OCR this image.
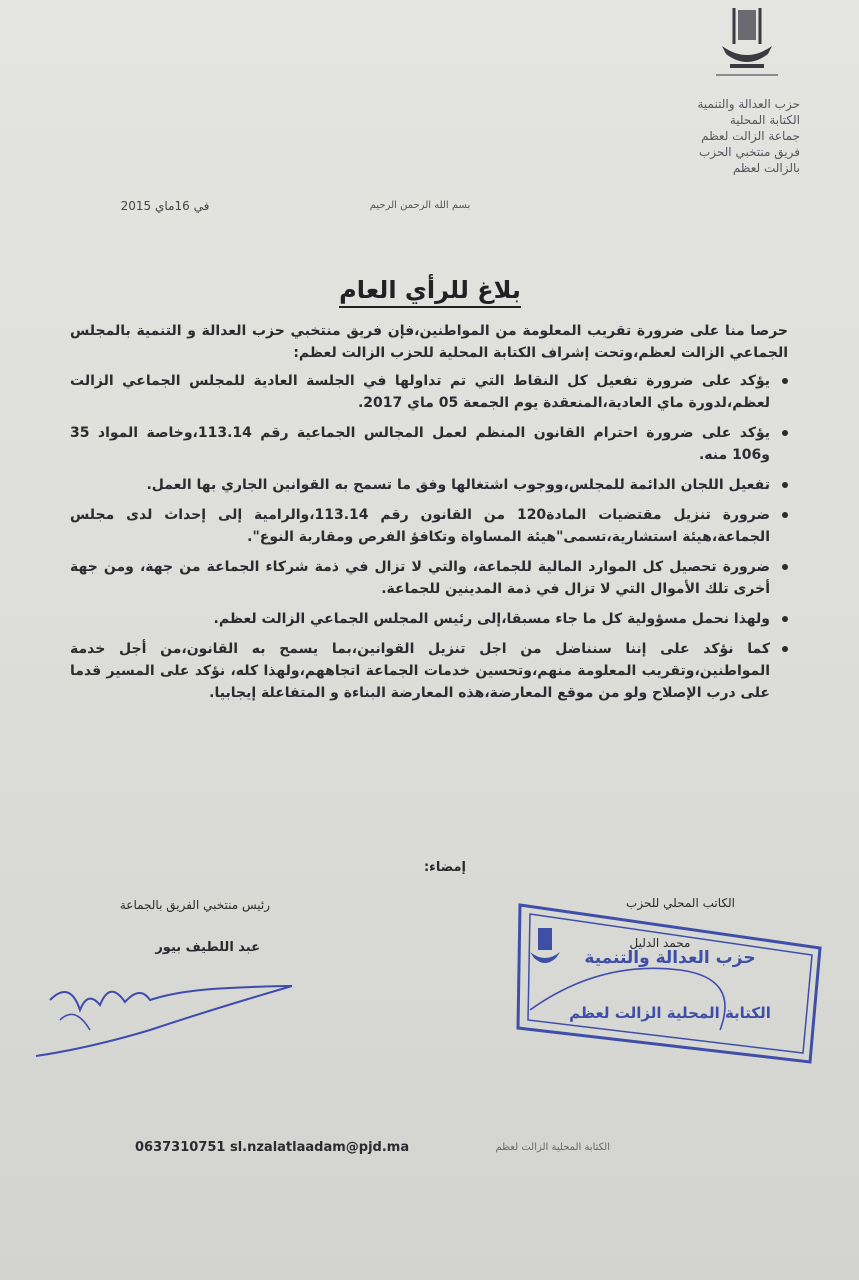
حزب العدالة والتنمية
الكتابة المحلية
جماعة الزالت لعظم
فريق منتخبي الحزب
بالزالت لعظم
بسم الله الرحمن الرحيم
في 16ماي 2015
بلاغ للرأي العام
حرصا منا على ضرورة تقريب المعلومة من المواطنين،فإن فريق منتخبي حزب العدالة و التنمية بالمجلس الجماعي الزالت لعظم،وتحت إشراف الكتابة المحلية للحزب الزالت لعظم:
يؤكد على ضرورة تفعيل كل النقاط التي تم تداولها في الجلسة العادية للمجلس الجماعي الزالت لعظم،لدورة ماي العادية،المنعقدة يوم الجمعة 05 ماي 2017.
يؤكد على ضرورة احترام القانون المنظم لعمل المجالس الجماعية رقم 113.14،وخاصة المواد 35 و106 منه.
تفعيل اللجان الدائمة للمجلس،ووجوب اشتغالها وفق ما تسمح به القوانين الجاري بها العمل.
ضرورة تنزيل مقتضيات المادة120 من القانون رقم 113.14،والرامية إلى إحداث لدى مجلس الجماعة،هيئة استشارية،تسمى"هيئة المساواة وتكافؤ الفرص ومقاربة النوع".
ضرورة تحصيل كل الموارد المالية للجماعة، والتي لا تزال في ذمة شركاء الجماعة من جهة، ومن جهة أخرى تلك الأموال التي لا تزال في ذمة المدينين للجماعة.
ولهذا نحمل مسؤولية كل ما جاء مسبقا،إلى رئيس المجلس الجماعي الزالت لعظم.
كما نؤكد على إننا سنناضل من اجل تنزيل القوانين،بما يسمح به القانون،من أجل خدمة المواطنين،وتقريب المعلومة منهم،وتحسين خدمات الجماعة اتجاههم،ولهذا كله، نؤكد على المسير قدما على درب الإصلاح ولو من موقع المعارضة،هذه المعارضة البناءة و المتفاعلة إيجابيا.
إمضاء:
رئيس منتخبي الفريق بالجماعة
عبد اللطيف بيور
الكاتب المحلي للحزب
محمد الدليل
حزب العدالة والتنمية
الكتابة المحلية الزالت لعظم
0637310751 sl.nzalatlaadam@pjd.ma	الكتابة المحلية الزالت لعظم
